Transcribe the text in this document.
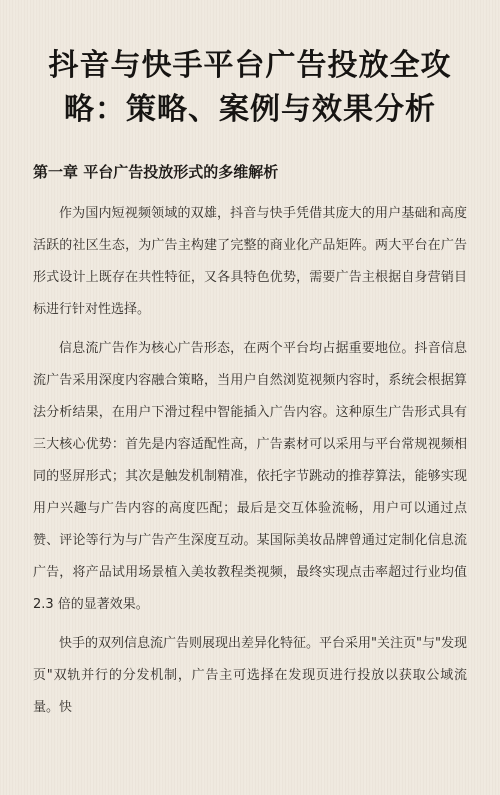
抖音与快手平台广告投放全攻略：策略、案例与效果分析
第一章 平台广告投放形式的多维解析

作为国内短视频领域的双雄，抖音与快手凭借其庞大的用户基础和高度活跃的社区生态，为广告主构建了完整的商业化产品矩阵。两大平台在广告形式设计上既存在共性特征，又各具特色优势，需要广告主根据自身营销目标进行针对性选择。

信息流广告作为核心广告形态，在两个平台均占据重要地位。抖音信息流广告采用深度内容融合策略，当用户自然浏览视频内容时，系统会根据算法分析结果，在用户下滑过程中智能插入广告内容。这种原生广告形式具有三大核心优势：首先是内容适配性高，广告素材可以采用与平台常规视频相同的竖屏形式；其次是触发机制精准，依托字节跳动的推荐算法，能够实现用户兴趣与广告内容的高度匹配；最后是交互体验流畅，用户可以通过点赞、评论等行为与广告产生深度互动。某国际美妆品牌曾通过定制化信息流广告，将产品试用场景植入美妆教程类视频，最终实现点击率超过行业均值 2.3 倍的显著效果。

快手的双列信息流广告则展现出差异化特征。平台采用"关注页"与"发现页"双轨并行的分发机制，广告主可选择在发现页进行投放以获取公域流量。快
